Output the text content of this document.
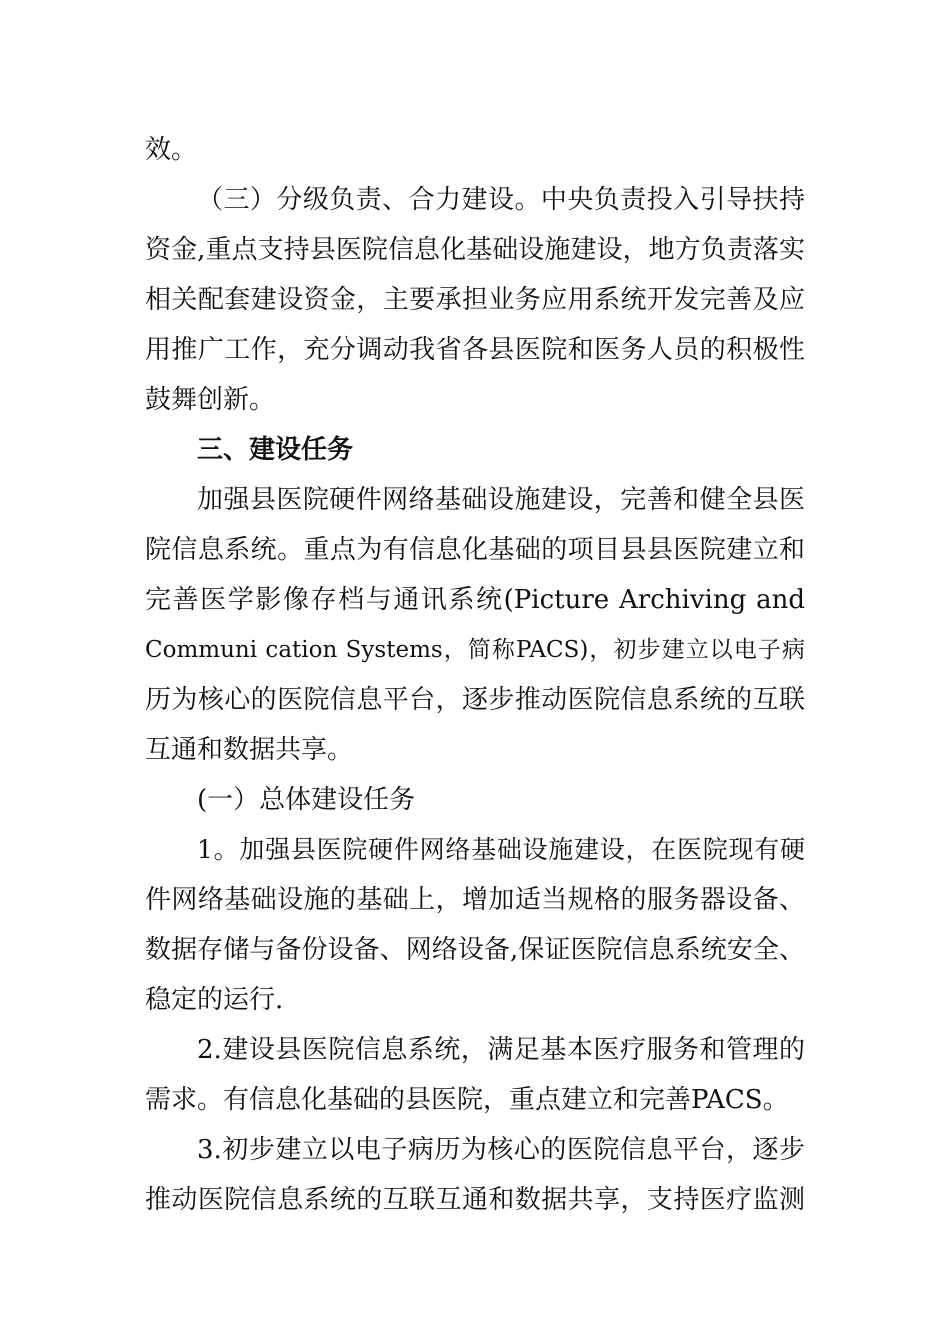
效。
（三）分级负责、合力建设。中央负责投入引导扶持
资金,重点支持县医院信息化基础设施建设，地方负责落实
相关配套建设资金，主要承担业务应用系统开发完善及应
用推广工作，充分调动我省各县医院和医务人员的积极性
鼓舞创新。
三、建设任务
加强县医院硬件网络基础设施建设，完善和健全县医
院信息系统。重点为有信息化基础的项目县县医院建立和
完善医学影像存档与通讯系统(Picture Archiving and
Communi cation Systems，简称PACS)，初步建立以电子病
历为核心的医院信息平台，逐步推动医院信息系统的互联
互通和数据共享。
(一）总体建设任务
1。加强县医院硬件网络基础设施建设，在医院现有硬
件网络基础设施的基础上，增加适当规格的服务器设备、
数据存储与备份设备、网络设备,保证医院信息系统安全、
稳定的运行.
2.建设县医院信息系统，满足基本医疗服务和管理的
需求。有信息化基础的县医院，重点建立和完善PACS。
3.初步建立以电子病历为核心的医院信息平台，逐步
推动医院信息系统的互联互通和数据共享，支持医疗监测
